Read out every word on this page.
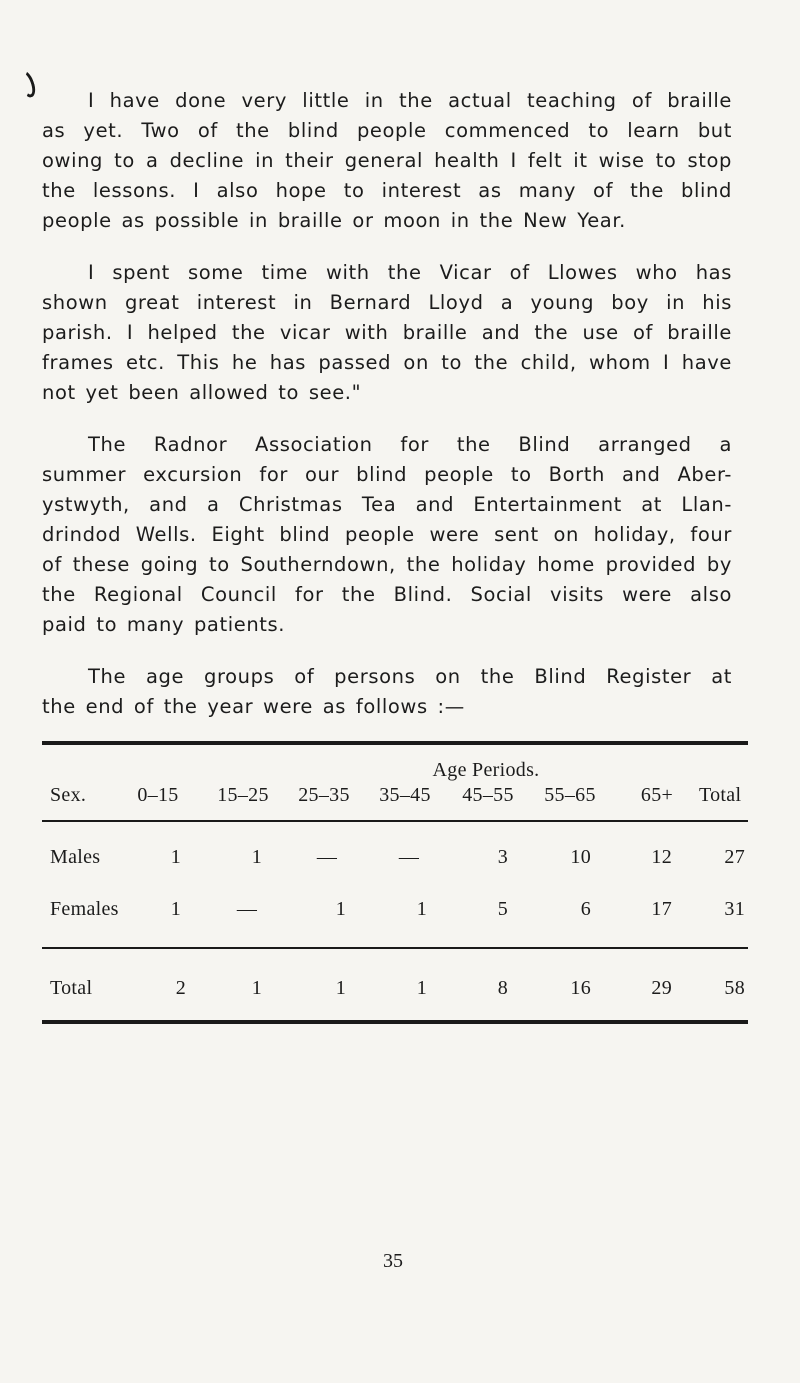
I have done very little in the actual teaching of braille
as yet. Two of the blind people commenced to learn but
owing to a decline in their general health I felt it wise to stop
the lessons. I also hope to interest as many of the blind
people as possible in braille or moon in the New Year.
I spent some time with the Vicar of Llowes who has
shown great interest in Bernard Lloyd a young boy in his
parish. I helped the vicar with braille and the use of braille
frames etc. This he has passed on to the child, whom I have
not yet been allowed to see."
The Radnor Association for the Blind arranged a
summer excursion for our blind people to Borth and Aber-
ystwyth, and a Christmas Tea and Entertainment at Llan-
drindod Wells. Eight blind people were sent on holiday, four
of these going to Southerndown, the holiday home provided by
the Regional Council for the Blind. Social visits were also
paid to many patients.
The age groups of persons on the Blind Register at
the end of the year were as follows :—
Age Periods.
Sex.	0–15 15–25 25–35 35–45 45–55 55–65 65+ Total
Males	1	1	—	—	3	10	12	27
Females	1	—	1	1	5	6	17	31
Total	2	1	1	1	8	16	29	58
35
